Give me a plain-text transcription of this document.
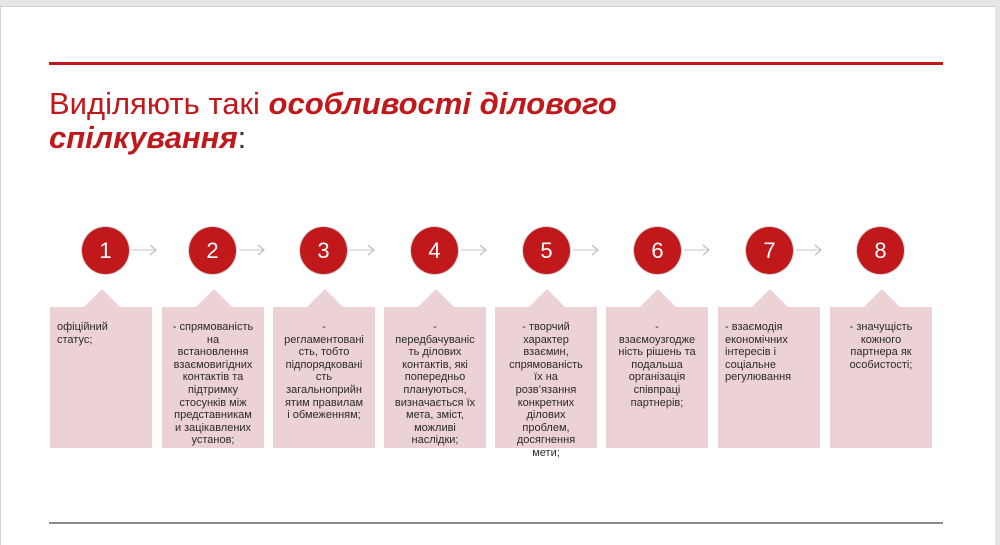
Виділяють такі особливості ділового спілкування:
1	2	3	4	5	6	7	8
офіційний
статус;
- спрямованість
на
встановлення
взаємовигідних
контактів та
підтримку
стосунків між
представникам
и зацікавлених
установ;
-
регламентовані
сть, тобто
підпорядковані
сть
загальноприйн
ятим правилам
і обмеженням;
-
передбачуваніс
ть ділових
контактів, які
попередньо
плануються,
визначається їх
мета, зміст,
можливі
наслідки;
- творчий
характер
взаємин,
спрямованість
їх на
розв’язання
конкретних
ділових
проблем,
досягнення
мети;
-
взаємоузгодже
ність рішень та
подальша
організація
співпраці
партнерів;
- взаємодія
економічних
інтересів і
соціальне
регулювання
- значущість
кожного
партнера як
особистості;
